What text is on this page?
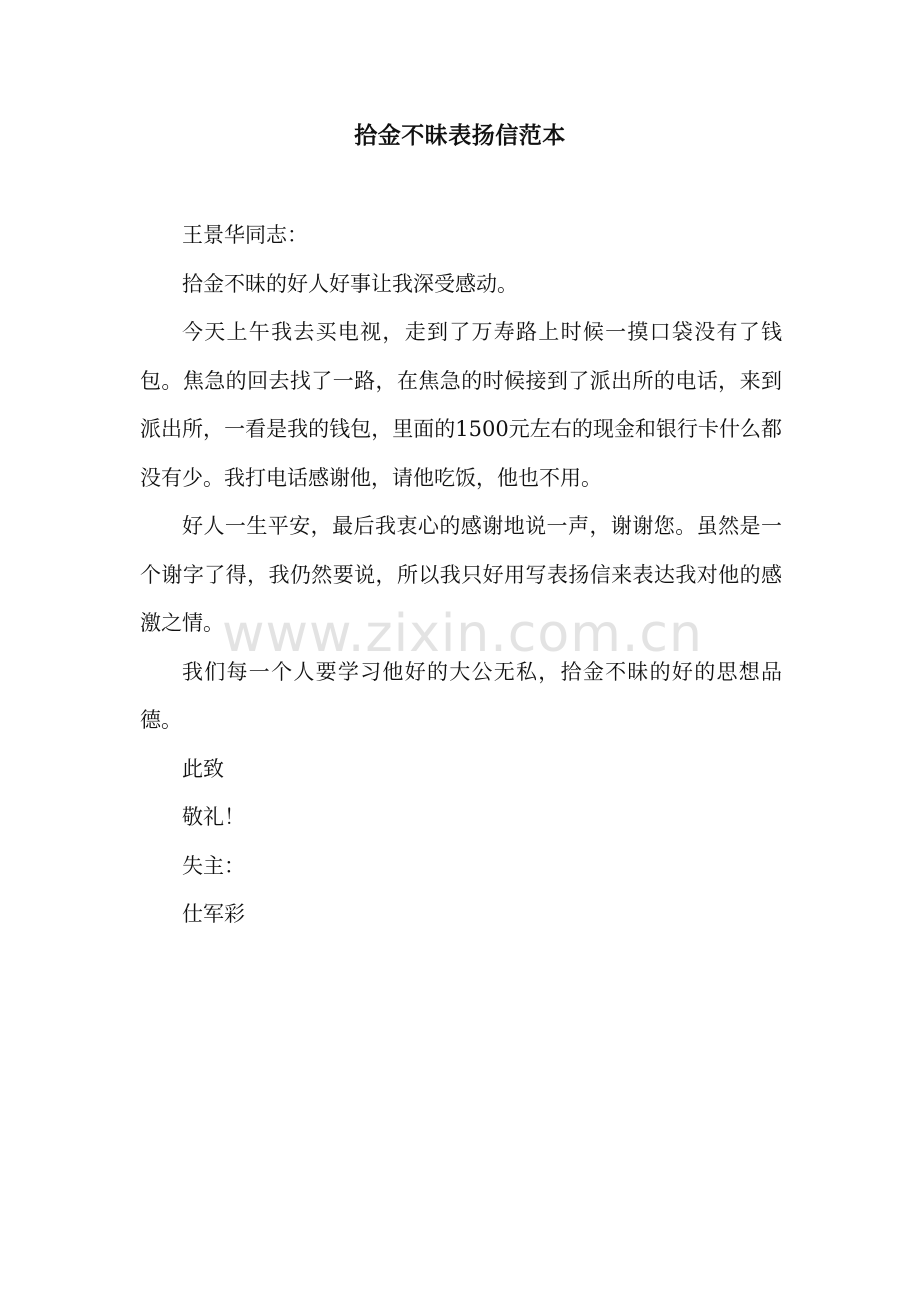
拾金不昧表扬信范本

王景华同志：

拾金不昧的好人好事让我深受感动。

今天上午我去买电视，走到了万寿路上时候一摸口袋没有了钱包。焦急的回去找了一路，在焦急的时候接到了派出所的电话，来到派出所，一看是我的钱包，里面的1500元左右的现金和银行卡什么都没有少。我打电话感谢他，请他吃饭，他也不用。

好人一生平安，最后我衷心的感谢地说一声，谢谢您。虽然是一个谢字了得，我仍然要说，所以我只好用写表扬信来表达我对他的感激之情。

我们每一个人要学习他好的大公无私，拾金不昧的好的思想品德。

此致

敬礼！

失主：

仕军彩

www.zixin.com.cn
